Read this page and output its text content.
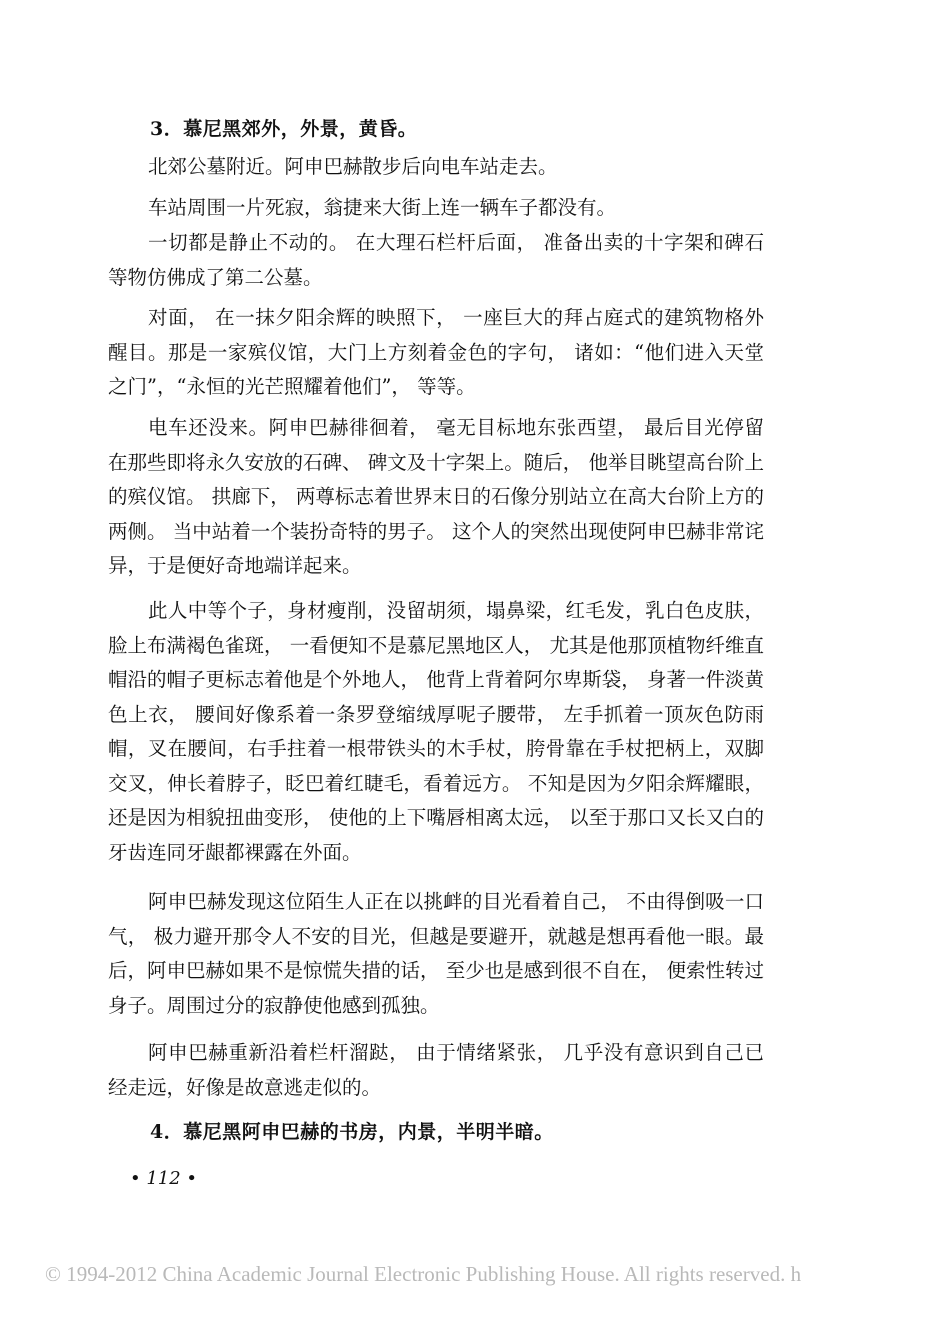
3．慕尼黑郊外，外景，黄昏。

北郊公墓附近。阿申巴赫散步后向电车站走去。

车站周围一片死寂，翁捷来大街上连一辆车子都没有。

一切都是静止不动的。 在大理石栏杆后面， 准备出卖的十字架和碑石等物仿佛成了第二公墓。

对面， 在一抹夕阳余辉的映照下， 一座巨大的拜占庭式的建筑物格外醒目。那是一家殡仪馆，大门上方刻着金色的字句， 诸如：“他们进入天堂之门”，“永恒的光芒照耀着他们”， 等等。

电车还没来。阿申巴赫徘徊着， 毫无目标地东张西望， 最后目光停留在那些即将永久安放的石碑、 碑文及十字架上。随后， 他举目眺望高台阶上的殡仪馆。 拱廊下， 两尊标志着世界末日的石像分别站立在高大台阶上方的两侧。 当中站着一个装扮奇特的男子。 这个人的突然出现使阿申巴赫非常诧异，于是便好奇地端详起来。

此人中等个子，身材瘦削，没留胡须，塌鼻梁，红毛发，乳白色皮肤，脸上布满褐色雀斑， 一看便知不是慕尼黑地区人， 尤其是他那顶植物纤维直帽沿的帽子更标志着他是个外地人， 他背上背着阿尔卑斯袋， 身著一件淡黄色上衣， 腰间好像系着一条罗登缩绒厚呢子腰带， 左手抓着一顶灰色防雨帽，叉在腰间，右手拄着一根带铁头的木手杖，胯骨靠在手杖把柄上，双脚交叉，伸长着脖子，眨巴着红睫毛，看着远方。 不知是因为夕阳余辉耀眼，还是因为相貌扭曲变形， 使他的上下嘴唇相离太远， 以至于那口又长又白的牙齿连同牙龈都裸露在外面。

阿申巴赫发现这位陌生人正在以挑衅的目光看着自己， 不由得倒吸一口气， 极力避开那令人不安的目光，但越是要避开，就越是想再看他一眼。最后，阿申巴赫如果不是惊慌失措的话， 至少也是感到很不自在， 便索性转过身子。周围过分的寂静使他感到孤独。

阿申巴赫重新沿着栏杆溜跶， 由于情绪紧张， 几乎没有意识到自己已经走远，好像是故意逃走似的。

4．慕尼黑阿申巴赫的书房，内景，半明半暗。
• 112 •
© 1994-2012 China Academic Journal Electronic Publishing House. All rights reserved. h
